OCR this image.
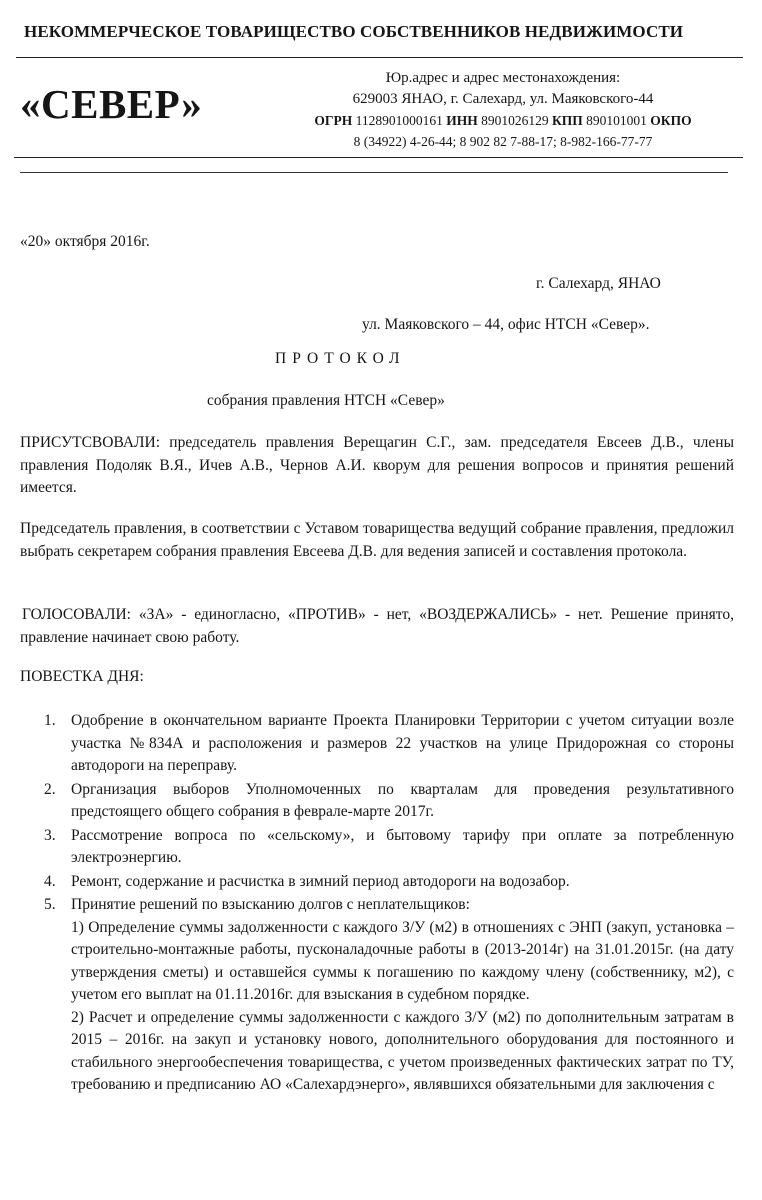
НЕКОММЕРЧЕСКОЕ ТОВАРИЩЕСТВО СОБСТВЕННИКОВ НЕДВИЖИМОСТИ
«СЕВЕР»
Юр.адрес и адрес местонахождения:
629003 ЯНАО, г. Салехард, ул. Маяковского-44
ОГРН 1128901000161 ИНН 8901026129 КПП 890101001 ОКПО
8 (34922) 4-26-44; 8 902 82 7-88-17; 8-982-166-77-77
«20» октября 2016г.
г. Салехард, ЯНАО
ул. Маяковского – 44, офис НТСН «Север».
ПРОТОКОЛ
собрания правления НТСН «Север»

ПРИСУТСВОВАЛИ: председатель правления Верещагин С.Г., зам. председателя Евсеев Д.В., члены правления Подоляк В.Я., Ичев А.В., Чернов А.И. кворум для решения вопросов и принятия решений имеется.

Председатель правления, в соответствии с Уставом товарищества ведущий собрание правления, предложил выбрать секретарем собрания правления Евсеева Д.В. для ведения записей и составления протокола.

ГОЛОСОВАЛИ: «ЗА» - единогласно, «ПРОТИВ» - нет, «ВОЗДЕРЖАЛИСЬ» - нет. Решение принято, правление начинает свою работу.

ПОВЕСТКА ДНЯ:
1. Одобрение в окончательном варианте Проекта Планировки Территории с учетом ситуации возле участка №834А и расположения и размеров 22 участков на улице Придорожная со стороны автодороги на переправу.
2. Организация выборов Уполномоченных по кварталам для проведения результативного предстоящего общего собрания в феврале-марте 2017г.
3. Рассмотрение вопроса по «сельскому», и бытовому тарифу при оплате за потребленную электроэнергию.
4. Ремонт, содержание и расчистка в зимний период автодороги на водозабор.
5. Принятие решений по взысканию долгов с неплательщиков:

1) Определение суммы задолженности с каждого З/У (м2) в отношениях с ЭНП (закуп, установка – строительно-монтажные работы, пусконаладочные работы в (2013-2014г) на 31.01.2015г. (на дату утверждения сметы) и оставшейся суммы к погашению по каждому члену (собственнику, м2), с учетом его выплат на 01.11.2016г. для взыскания в судебном порядке.

2) Расчет и определение суммы задолженности с каждого З/У (м2) по дополнительным затратам в 2015 – 2016г. на закуп и установку нового, дополнительного оборудования для постоянного и стабильного энергообеспечения товарищества, с учетом произведенных фактических затрат по ТУ, требованию и предписанию АО «Салехардэнерго», являвшихся обязательными для заключения с
